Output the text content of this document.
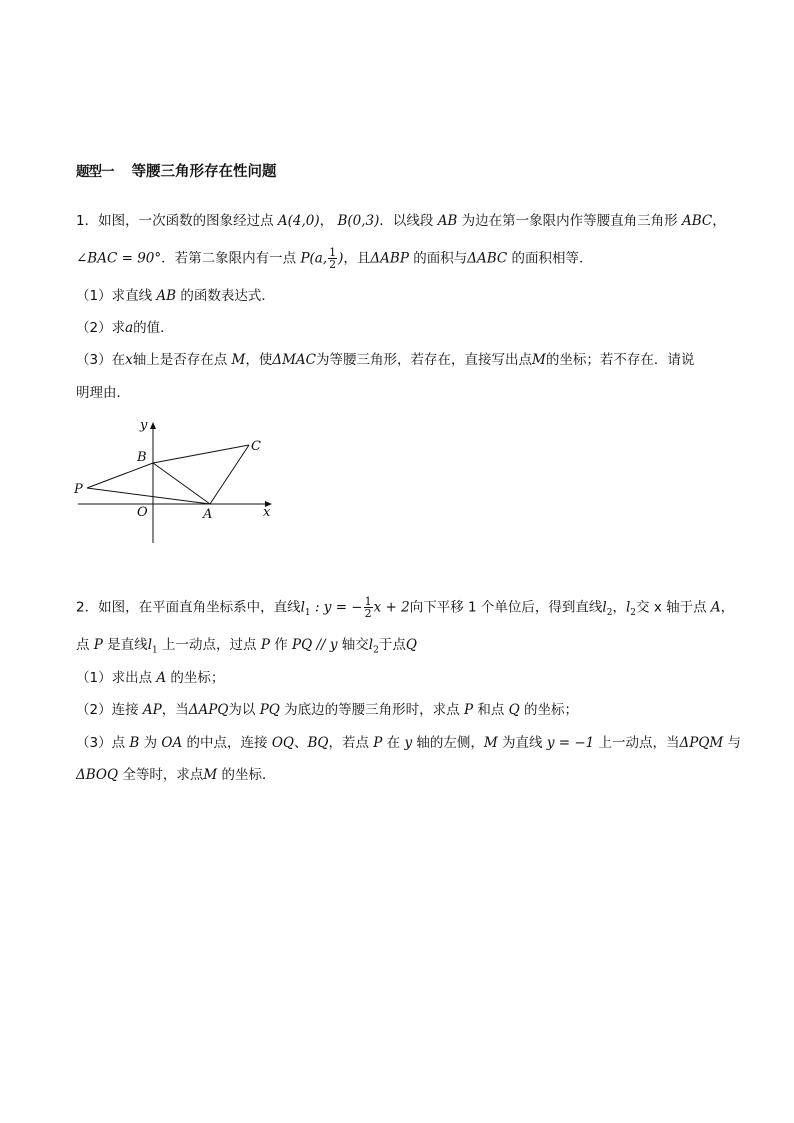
题型一 等腰三角形存在性问题
1．如图，一次函数的图象经过点 A(4,0)， B(0,3)．以线段 AB 为边在第一象限内作等腰直角三角形 ABC，
∠BAC = 90°．若第二象限内有一点 P(a, $\frac{1}{2}$ )，且ΔABP 的面积与ΔABC 的面积相等．
（1）求直线 AB 的函数表达式．
（2）求a的值．
（3）在x轴上是否存在点 M，使ΔMAC为等腰三角形，若存在，直接写出点M的坐标；若不存在．请说
明理由．
y
x
B
C
P
O	A
2．如图，在平面直角坐标系中，直线$l_1$ : y = − $\frac{1}{2}$ x + 2向下平移 1 个单位后，得到直线$l_2$，$l_2$交 x 轴于点 A，
点 P 是直线$l_1$ 上一动点，过点 P 作 PQ // y 轴交$l_2$于点Q
（1）求出点 A 的坐标；
（2）连接 AP，当ΔAPQ为以 PQ 为底边的等腰三角形时，求点 P 和点 Q 的坐标；
（3）点 B 为 OA 的中点，连接 OQ、BQ，若点 P 在 y 轴的左侧，M 为直线 y = −1 上一动点，当ΔPQM 与
ΔBOQ 全等时，求点M 的坐标．
